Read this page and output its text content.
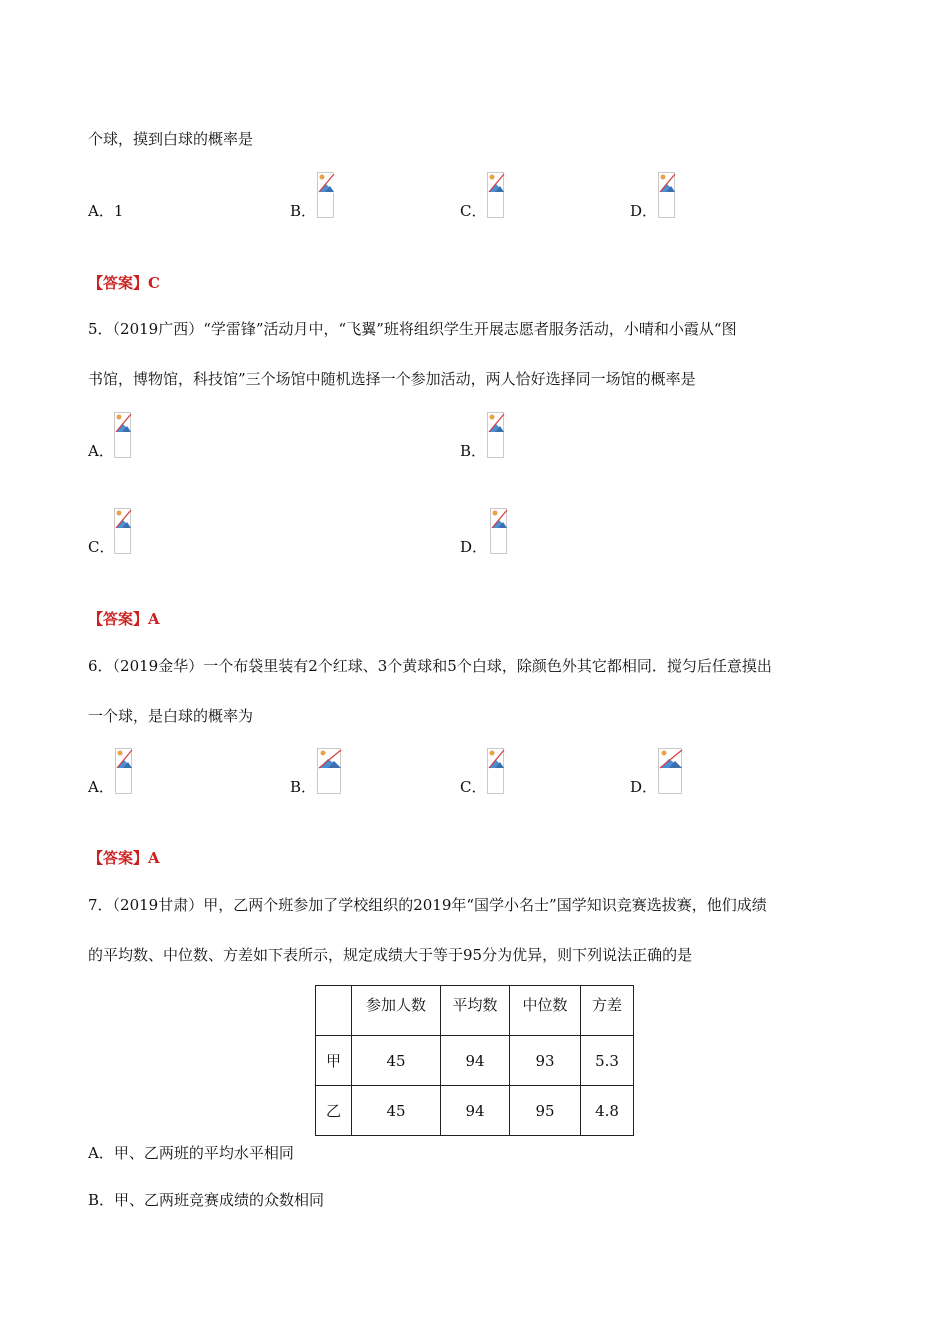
个球，摸到白球的概率是
A．1	B．	C．	D．
【答案】C
5．（2019广西）“学雷锋”活动月中，“飞翼”班将组织学生开展志愿者服务活动，小晴和小霞从“图
书馆，博物馆，科技馆”三个场馆中随机选择一个参加活动，两人恰好选择同一场馆的概率是
A．	B．
C．	D．
【答案】A
6．（2019金华）一个布袋里装有2个红球、3个黄球和5个白球，除颜色外其它都相同．搅匀后任意摸出
一个球，是白球的概率为
A．	B．	C．	D．
【答案】A
7．（2019甘肃）甲，乙两个班参加了学校组织的2019年“国学小名士”国学知识竞赛选拔赛，他们成绩
的平均数、中位数、方差如下表所示，规定成绩大于等于95分为优异，则下列说法正确的是
	参加人数	平均数	中位数	方差
甲	45	94	93	5.3
乙	45	94	95	4.8
A．甲、乙两班的平均水平相同
B．甲、乙两班竞赛成绩的众数相同
